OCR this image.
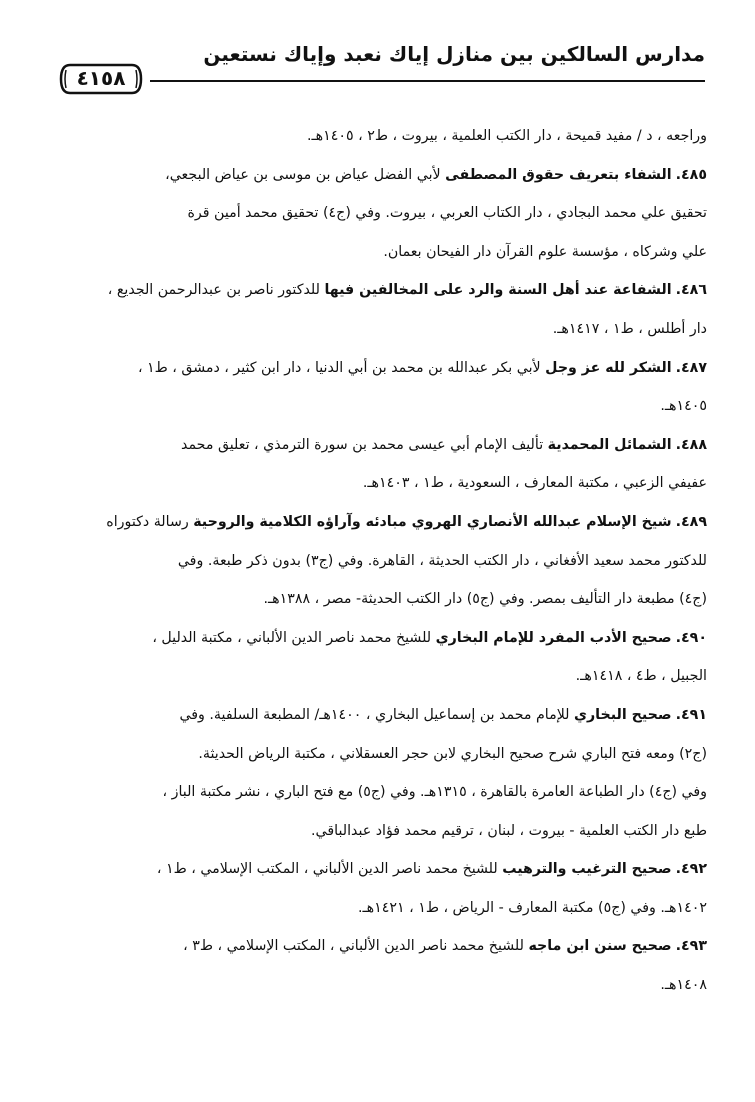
مدارس السالكين بين منازل إياك نعبد وإياك نستعين
٤١٥٨

وراجعه ، د / مفيد قميحة ، دار الكتب العلمية ، بيروت ، ط٢ ، ١٤٠٥هـ.

٤٨٥.الشفاء بتعريف حقوق المصطفى لأبي الفضل عياض بن موسى بن عياض البجعي،

تحقيق علي محمد البجادي ، دار الكتاب العربي ، بيروت. وفي (ج٤) تحقيق محمد أمين قرة

علي وشركاه ، مؤسسة علوم القرآن دار الفيحان بعمان.

٤٨٦.الشفاعة عند أهل السنة والرد على المخالفين فيها للدكتور ناصر بن عبدالرحمن الجديع ،

دار أطلس ، ط١ ، ١٤١٧هـ.

٤٨٧.الشكر لله عز وجل لأبي بكر عبدالله بن محمد بن أبي الدنيا ، دار ابن كثير ، دمشق ، ط١ ،

١٤٠٥هـ.

٤٨٨.الشمائل المحمدية تأليف الإمام أبي عيسى محمد بن سورة الترمذي ، تعليق محمد

عفيفي الزعبي ، مكتبة المعارف ، السعودية ، ط١ ، ١٤٠٣هـ.

٤٨٩.شيخ الإسلام عبدالله الأنصاري الهروي مبادئه وآراؤه الكلامية والروحية رسالة دكتوراه

للدكتور محمد سعيد الأفغاني ، دار الكتب الحديثة ، القاهرة. وفي (ج٣) بدون ذكر طبعة. وفي

(ج٤) مطبعة دار التأليف بمصر. وفي (ج٥) دار الكتب الحديثة- مصر ، ١٣٨٨هـ.

٤٩٠.صحيح الأدب المفرد للإمام البخاري للشيخ محمد ناصر الدين الألباني ، مكتبة الدليل ،

الجبيل ، ط٤ ، ١٤١٨هـ.

٤٩١.صحيح البخاري للإمام محمد بن إسماعيل البخاري ، ١٤٠٠هـ/ المطبعة السلفية. وفي

(ج٢) ومعه فتح الباري شرح صحيح البخاري لابن حجر العسقلاني ، مكتبة الرياض الحديثة.

وفي (ج٤) دار الطباعة العامرة بالقاهرة ، ١٣١٥هـ. وفي (ج٥) مع فتح الباري ، نشر مكتبة الباز ،

طبع دار الكتب العلمية - بيروت ، لبنان ، ترقيم محمد فؤاد عبدالباقي.

٤٩٢.صحيح الترغيب والترهيب للشيخ محمد ناصر الدين الألباني ، المكتب الإسلامي ، ط١ ،

١٤٠٢هـ. وفي (ج٥) مكتبة المعارف - الرياض ، ط١ ، ١٤٢١هـ.

٤٩٣.صحيح سنن ابن ماجه للشيخ محمد ناصر الدين الألباني ، المكتب الإسلامي ، ط٣ ،

١٤٠٨هـ.
